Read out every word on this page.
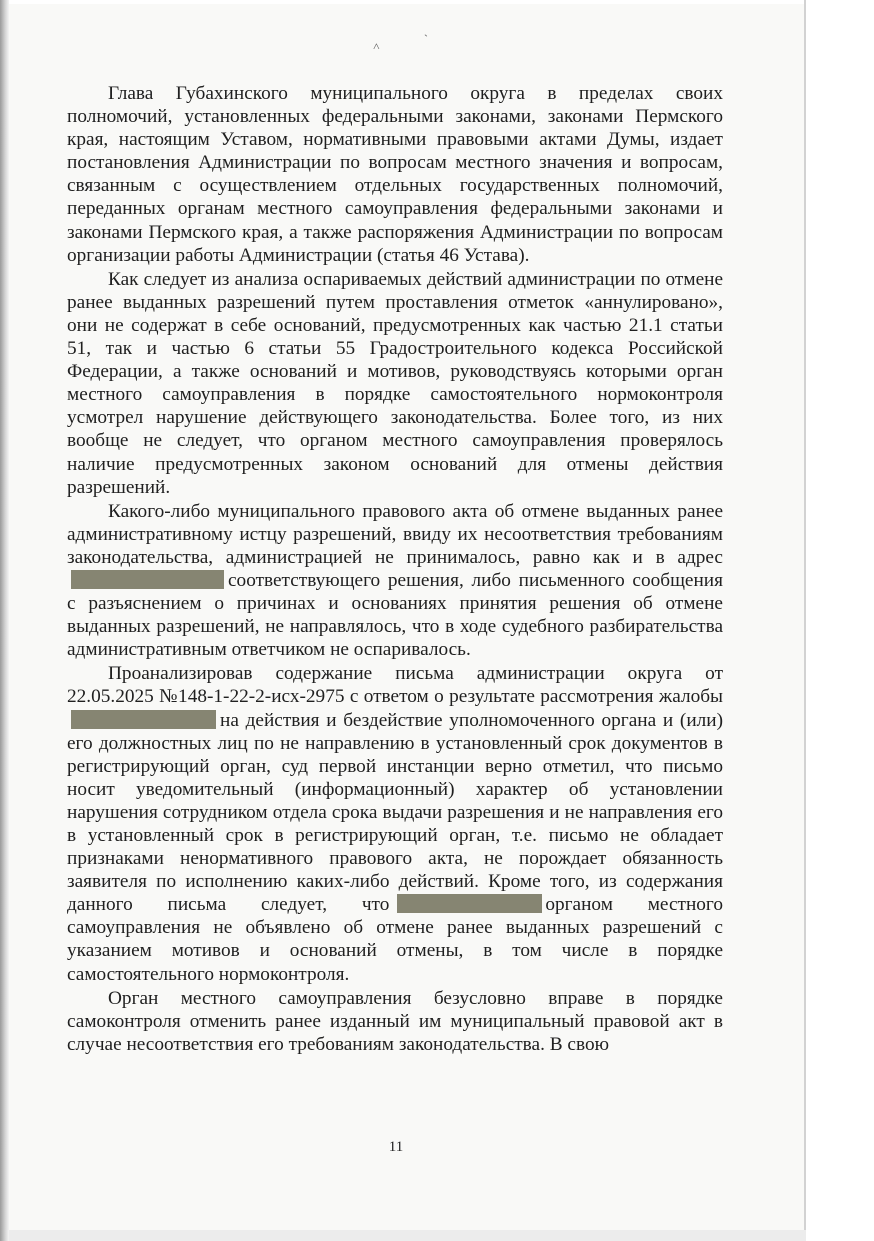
˄
ˎ

Глава Губахинского муниципального округа в пределах своих полномочий, установленных федеральными законами, законами Пермского края, настоящим Уставом, нормативными правовыми актами Думы, издает постановления Администрации по вопросам местного значения и вопросам, связанным с осуществлением отдельных государственных полномочий, переданных органам местного самоуправления федеральными законами и законами Пермского края, а также распоряжения Администрации по вопросам организации работы Администрации (статья 46 Устава).

Как следует из анализа оспариваемых действий администрации по отмене ранее выданных разрешений путем проставления отметок «аннулировано», они не содержат в себе оснований, предусмотренных как частью 21.1 статьи 51, так и частью 6 статьи 55 Градостроительного кодекса Российской Федерации, а также оснований и мотивов, руководствуясь которыми орган местного самоуправления в порядке самостоятельного нормоконтроля усмотрел нарушение действующего законодательства. Более того, из них вообще не следует, что органом местного самоуправления проверялось наличие предусмотренных законом оснований для отмены действия разрешений.

Какого-либо муниципального правового акта об отмене выданных ранее административному истцу разрешений, ввиду их несоответствия требованиям законодательства, администрацией не принималось, равно как и в адрессоответствующего решения, либо письменного сообщения с разъяснением о причинах и основаниях принятия решения об отмене выданных разрешений, не направлялось, что в ходе судебного разбирательства административным ответчиком не оспаривалось.

Проанализировав содержание письма администрации округа от 22.05.2025 №148-1-22-2-исх-2975 с ответом о результате рассмотрения жалобына действия и бездействие уполномоченного органа и (или) его должностных лиц по не направлению в установленный срок документов в регистрирующий орган, суд первой инстанции верно отметил, что письмо носит уведомительный (информационный) характер об установлении нарушения сотрудником отдела срока выдачи разрешения и не направления его в установленный срок в регистрирующий орган, т.е. письмо не обладает признаками ненормативного правового акта, не порождает обязанность заявителя по исполнению каких-либо действий. Кроме того, из содержания данного письма следует, что	органом местного самоуправления не объявлено об отмене ранее выданных разрешений с указанием мотивов и оснований отмены, в том числе в порядке самостоятельного нормоконтроля.

Орган местного самоуправления безусловно вправе в порядке самоконтроля отменить ранее изданный им муниципальный правовой акт в случае несоответствия его требованиям законодательства. В свою

11
